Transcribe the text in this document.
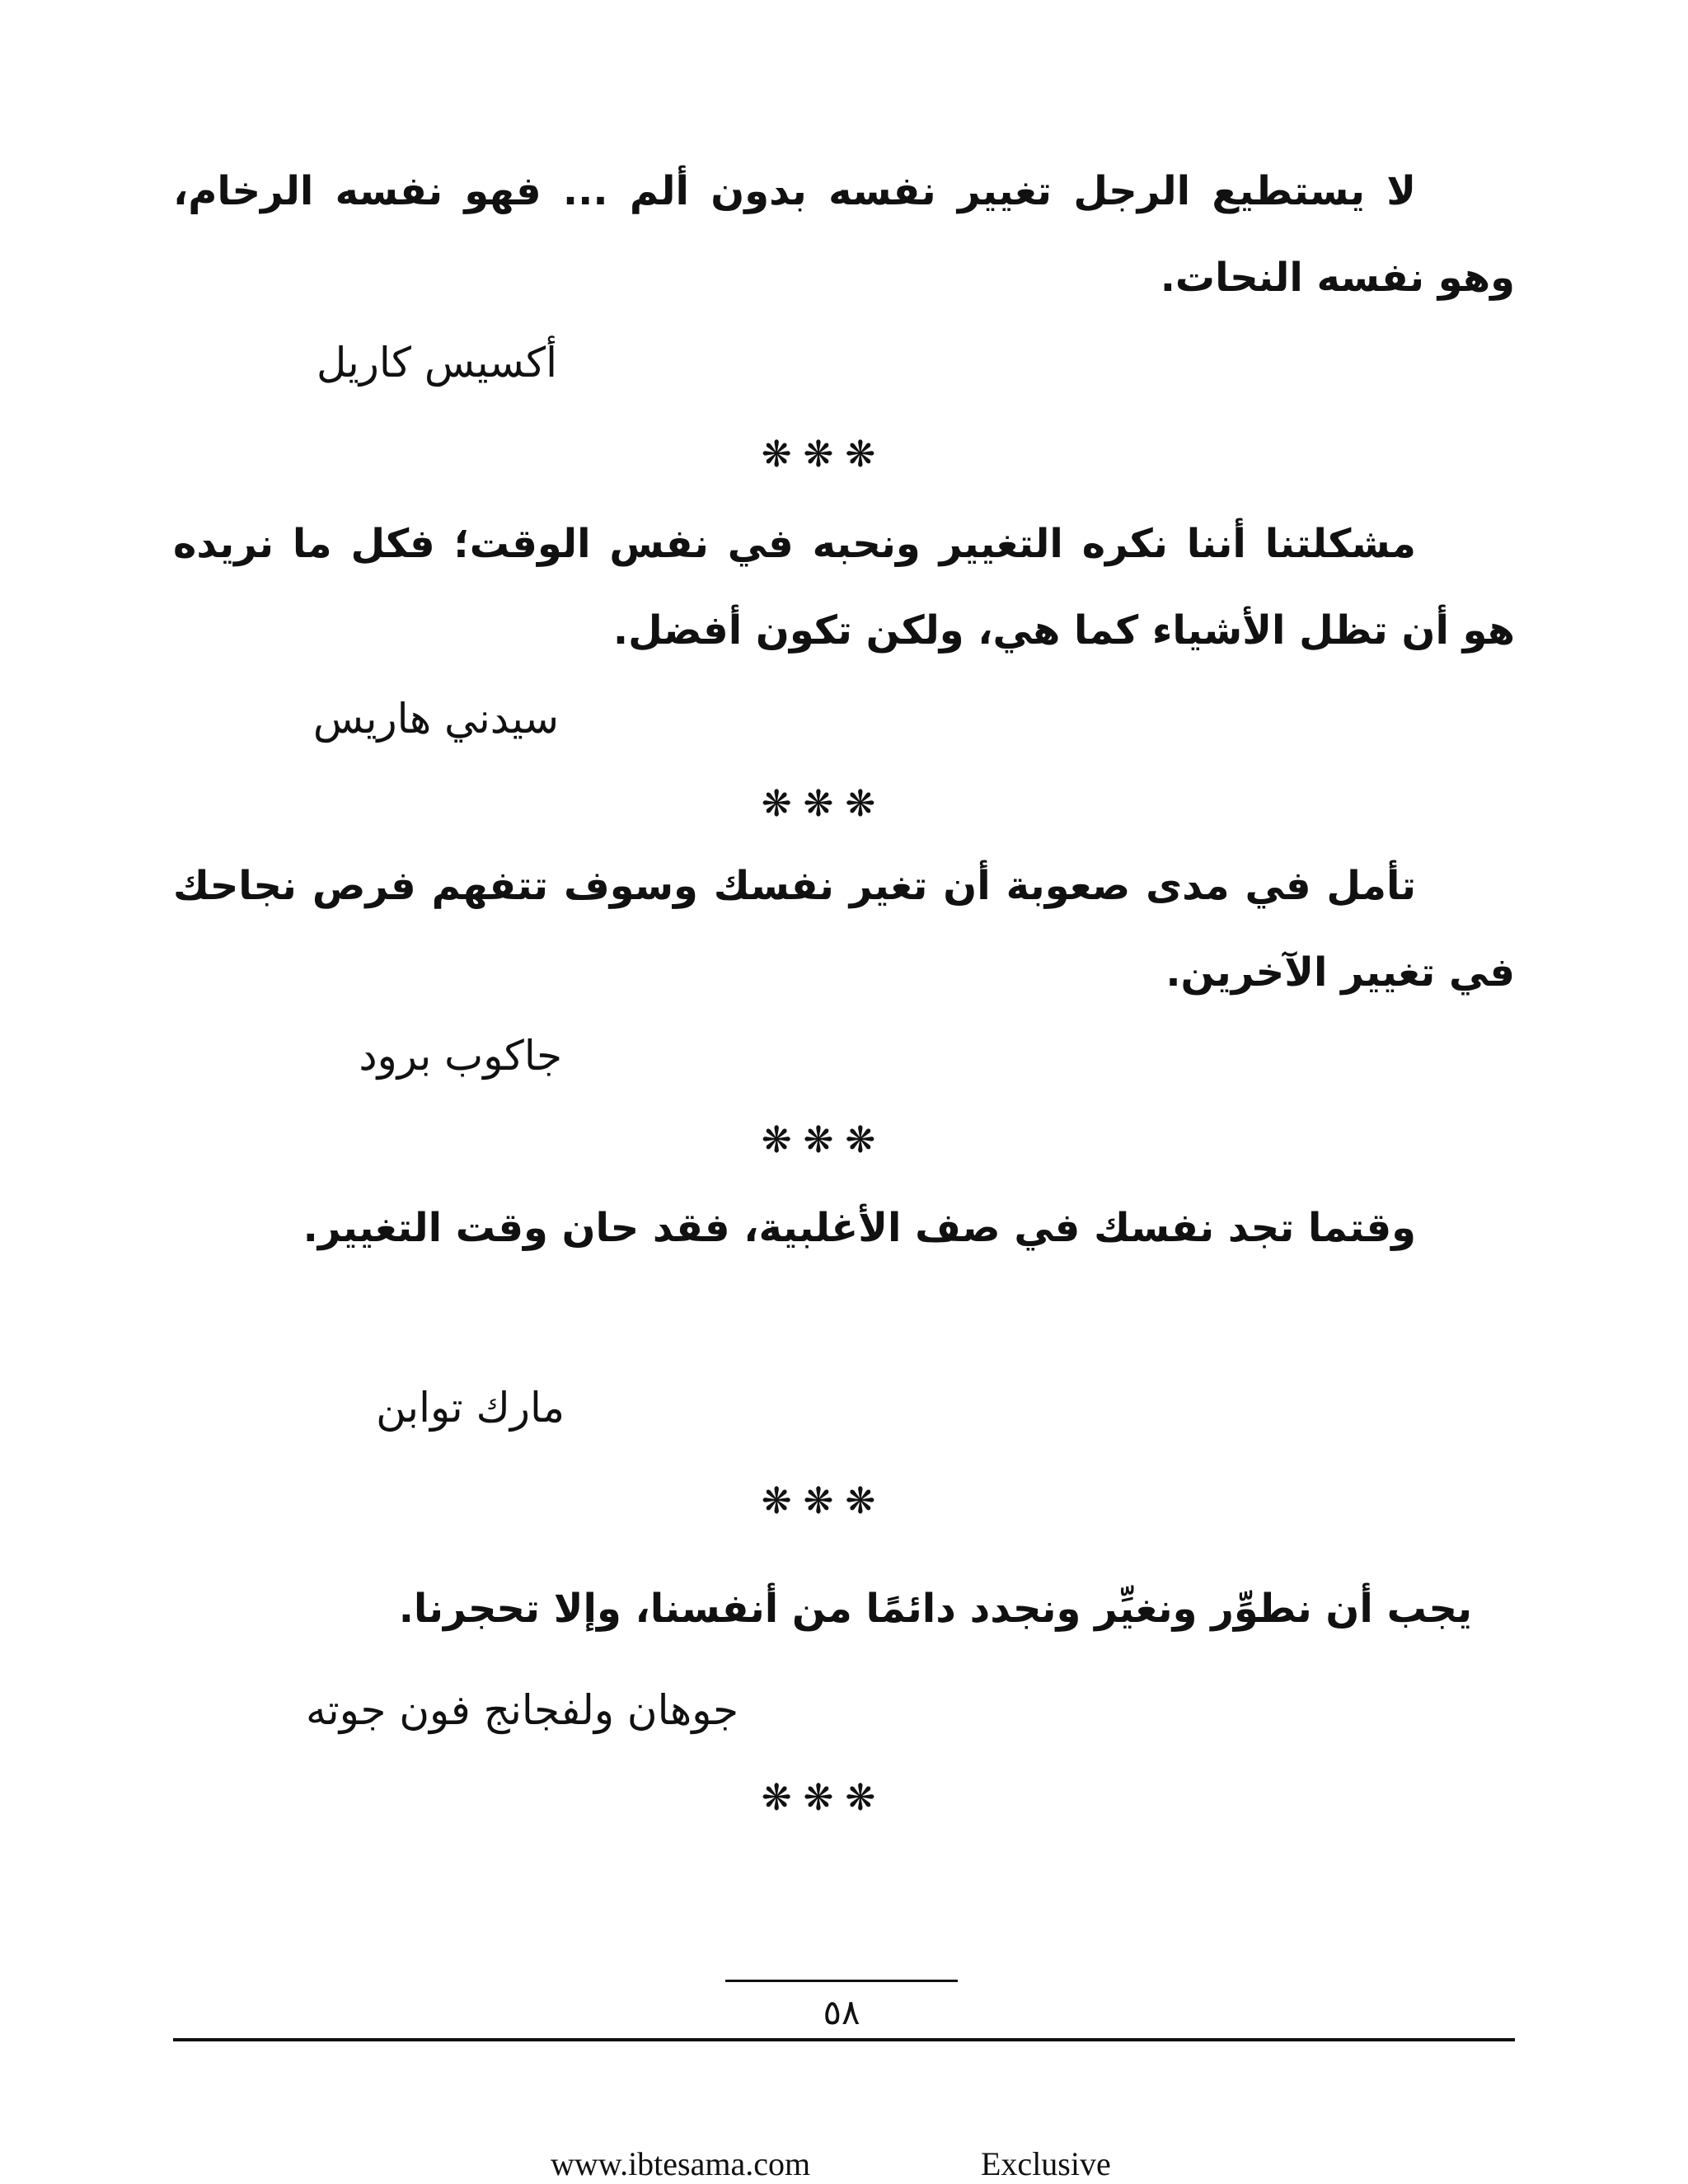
لا يستطيع الرجل تغيير نفسه بدون ألم ... فهو نفسه الرخام، وهو نفسه النحات.

أكسيس كاريل
❋❋❋

مشكلتنا أننا نكره التغيير ونحبه في نفس الوقت؛ فكل ما نريده هو أن تظل الأشياء كما هي، ولكن تكون أفضل.

سيدني هاريس
❋❋❋

تأمل في مدى صعوبة أن تغير نفسك وسوف تتفهم فرص نجاحك في تغيير الآخرين.

جاكوب برود
❋❋❋

وقتما تجد نفسك في صف الأغلبية، فقد حان وقت التغيير.

مارك توابن
❋❋❋

يجب أن نطوِّر ونغيِّر ونجدد دائمًا من أنفسنا، وإلا تحجرنا.

جوهان ولفجانج فون جوته
❋❋❋
٥٨
www.ibtesama.com	Exclusive
